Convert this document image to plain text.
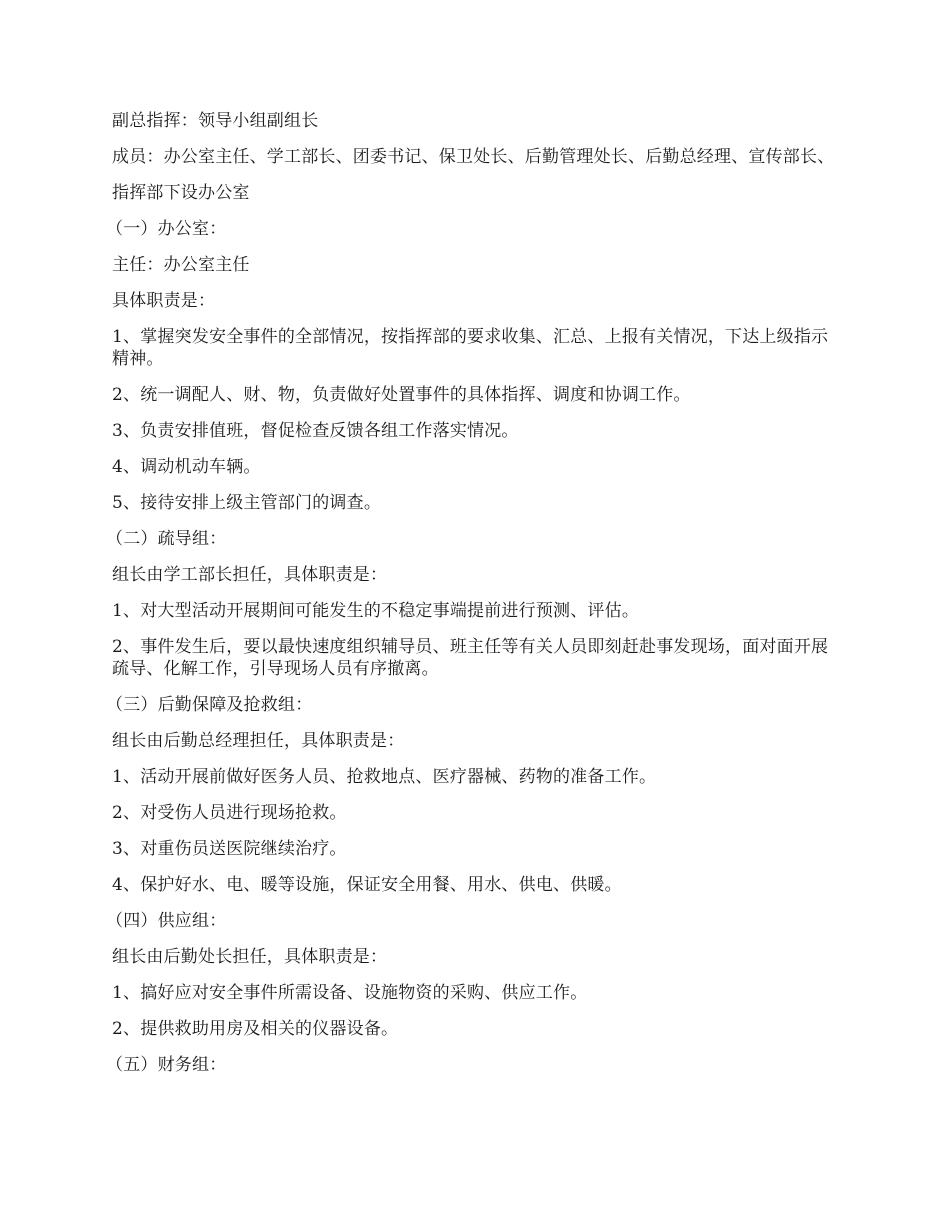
副总指挥：领导小组副组长

成员：办公室主任、学工部长、团委书记、保卫处长、后勤管理处长、后勤总经理、宣传部长、

指挥部下设办公室

（一）办公室：

主任：办公室主任

具体职责是：

1、掌握突发安全事件的全部情况，按指挥部的要求收集、汇总、上报有关情况，下达上级指示精神。

2、统一调配人、财、物，负责做好处置事件的具体指挥、调度和协调工作。

3、负责安排值班，督促检查反馈各组工作落实情况。

4、调动机动车辆。

5、接待安排上级主管部门的调查。

（二）疏导组：

组长由学工部长担任，具体职责是：

1、对大型活动开展期间可能发生的不稳定事端提前进行预测、评估。

2、事件发生后，要以最快速度组织辅导员、班主任等有关人员即刻赶赴事发现场，面对面开展疏导、化解工作，引导现场人员有序撤离。

（三）后勤保障及抢救组：

组长由后勤总经理担任，具体职责是：

1、活动开展前做好医务人员、抢救地点、医疗器械、药物的准备工作。

2、对受伤人员进行现场抢救。

3、对重伤员送医院继续治疗。

4、保护好水、电、暖等设施，保证安全用餐、用水、供电、供暖。

（四）供应组：

组长由后勤处长担任，具体职责是：

1、搞好应对安全事件所需设备、设施物资的采购、供应工作。

2、提供救助用房及相关的仪器设备。

（五）财务组：
